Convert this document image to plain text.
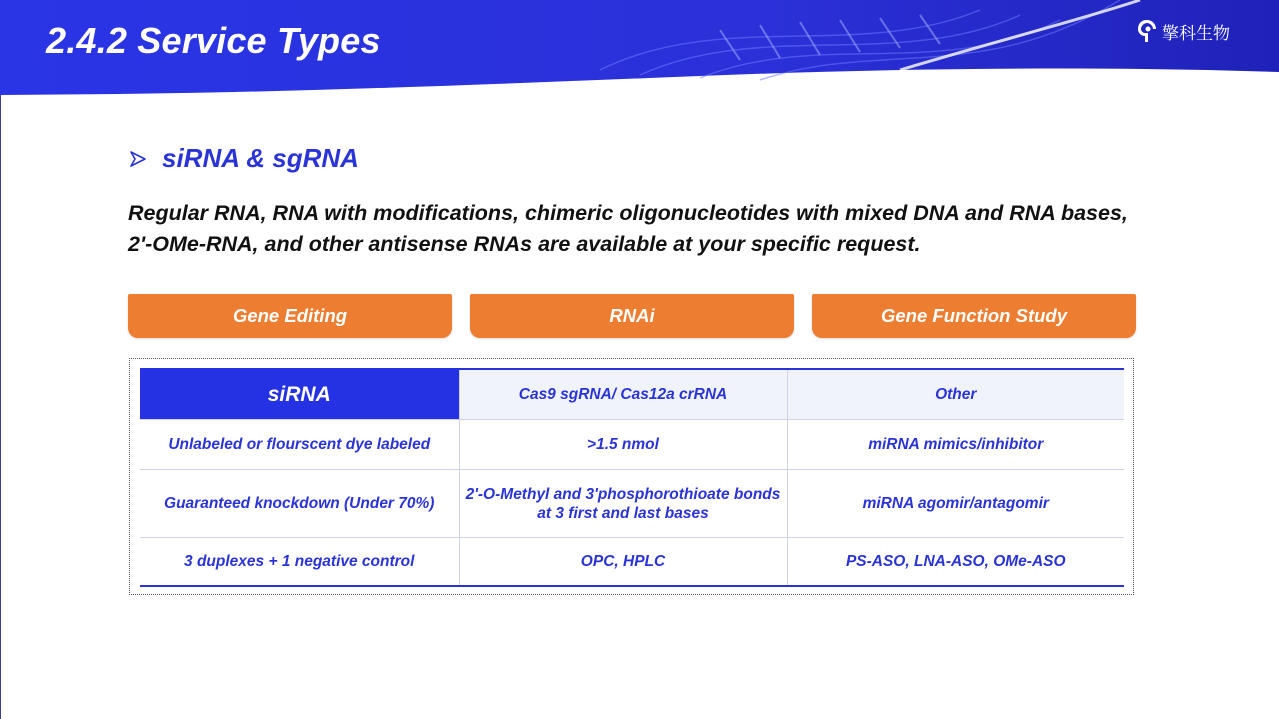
2.4.2 Service Types	擎科生物
siRNA & sgRNA
Regular RNA, RNA with modifications, chimeric oligonucleotides with mixed DNA and RNA bases, 2'-OMe-RNA, and other antisense RNAs are available at your specific request.
Gene Editing	RNAi	Gene Function Study
siRNA	Cas9 sgRNA/ Cas12a crRNA	Other
Unlabeled or flourscent dye labeled	>1.5 nmol	miRNA mimics/inhibitor
Guaranteed knockdown (Under 70%)	2'-O-Methyl and 3'phosphorothioate bonds at 3 first and last bases	miRNA agomir/antagomir
3 duplexes + 1 negative control	OPC, HPLC	PS-ASO, LNA-ASO, OMe-ASO
